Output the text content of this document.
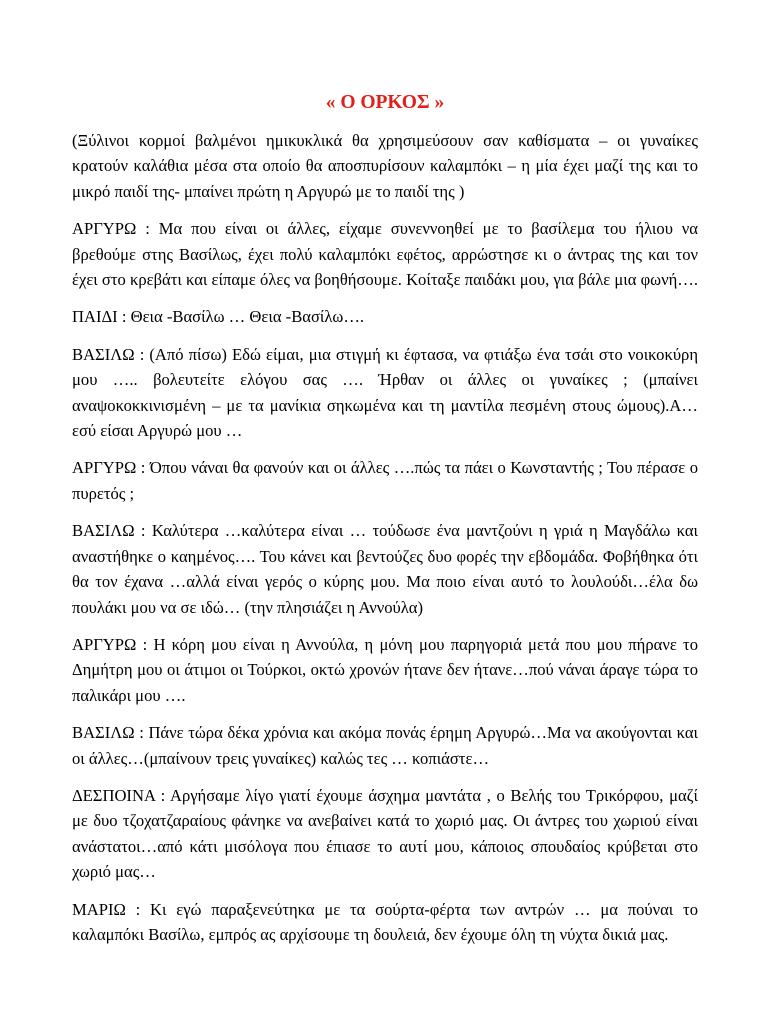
« Ο ΟΡΚΟΣ »

(Ξύλινοι κορμοί βαλμένοι ημικυκλικά θα χρησιμεύσουν σαν καθίσματα – οι γυναίκες κρατούν καλάθια μέσα στα οποίο θα αποσπυρίσουν καλαμπόκι – η μία έχει μαζί της και το μικρό παιδί της- μπαίνει πρώτη η Αργυρώ με το παιδί της )

ΑΡΓΥΡΩ : Μα που είναι οι άλλες, είχαμε συνεννοηθεί με το βασίλεμα του ήλιου να βρεθούμε στης Βασίλως, έχει πολύ καλαμπόκι εφέτος, αρρώστησε κι ο άντρας της και τον έχει στο κρεβάτι και είπαμε όλες να βοηθήσουμε. Κοίταξε παιδάκι μου, για βάλε μια φωνή….

ΠΑΙΔΙ : Θεια -Βασίλω … Θεια -Βασίλω….

ΒΑΣΙΛΩ : (Από πίσω) Εδώ είμαι, μια στιγμή κι έφτασα, να φτιάξω ένα τσάι στο νοικοκύρη μου ….. βολευτείτε ελόγου σας …. Ήρθαν οι άλλες οι γυναίκες ; (μπαίνει αναψοκοκκινισμένη – με τα μανίκια σηκωμένα και τη μαντίλα πεσμένη στους ώμους).Α… εσύ είσαι Αργυρώ μου …

ΑΡΓΥΡΩ : Όπου νάναι θα φανούν και οι άλλες ….πώς τα πάει ο Κωνσταντής ; Του πέρασε ο πυρετός ;

ΒΑΣΙΛΩ : Καλύτερα …καλύτερα είναι … τούδωσε ένα μαντζούνι η γριά η Μαγδάλω και αναστήθηκε ο καημένος…. Του κάνει και βεντούζες δυο φορές την εβδομάδα. Φοβήθηκα ότι θα τον έχανα …αλλά είναι γερός ο κύρης μου. Μα ποιο είναι αυτό το λουλούδι…έλα δω πουλάκι μου να σε ιδώ… (την πλησιάζει η Αννούλα)

ΑΡΓΥΡΩ : Η κόρη μου είναι η Αννούλα, η μόνη μου παρηγοριά μετά που μου πήρανε το Δημήτρη μου οι άτιμοι οι Τούρκοι, οκτώ χρονών ήτανε δεν ήτανε…πού νάναι άραγε τώρα το παλικάρι μου ….

ΒΑΣΙΛΩ : Πάνε τώρα δέκα χρόνια και ακόμα πονάς έρημη Αργυρώ…Μα να ακούγονται και οι άλλες…(μπαίνουν τρεις γυναίκες) καλώς τες … κοπιάστε…

ΔΕΣΠΟΙΝΑ : Αργήσαμε λίγο γιατί έχουμε άσχημα μαντάτα , ο Βελής του Τρικόρφου, μαζί με δυο τζοχατζαραίους φάνηκε να ανεβαίνει κατά το χωριό μας. Οι άντρες του χωριού είναι ανάστατοι…από κάτι μισόλογα που έπιασε το αυτί μου, κάποιος σπουδαίος κρύβεται στο χωριό μας…

ΜΑΡΙΩ : Κι εγώ παραξενεύτηκα με τα σούρτα-φέρτα των αντρών … μα πούναι το καλαμπόκι Βασίλω, εμπρός ας αρχίσουμε τη δουλειά, δεν έχουμε όλη τη νύχτα δικιά μας.
